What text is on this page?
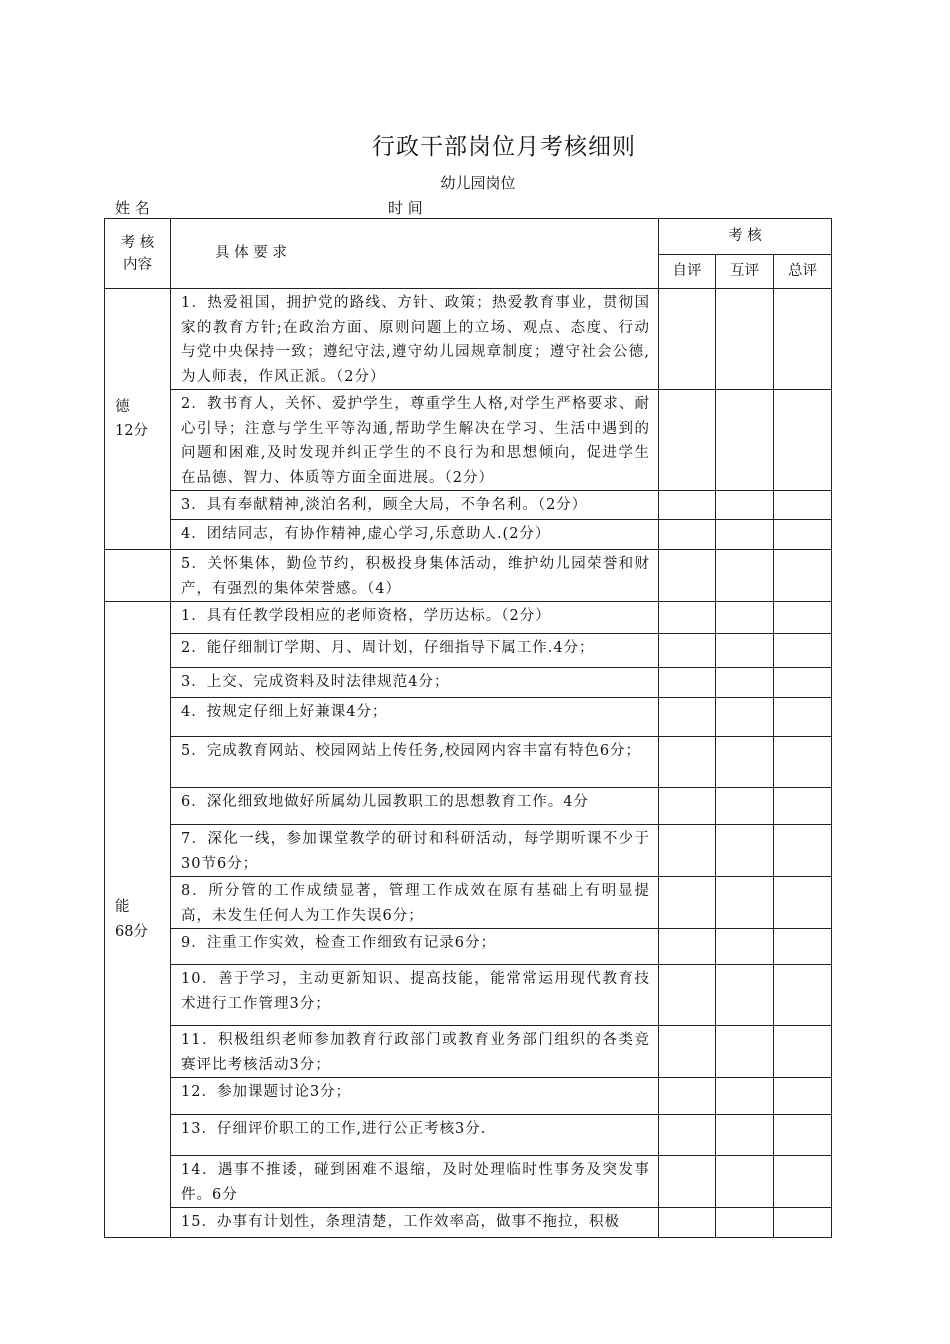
行政干部岗位月考核细则
幼儿园岗位
姓 名	时 间
考 核
内容	具 体 要 求	考 核		
		自评	互评	总评

德
12分	1．热爱祖国，拥护党的路线、方针、政策；热爱教育事业，贯彻国家的教育方针;在政治方面、原则问题上的立场、观点、态度、行动与党中央保持一致；遵纪守法,遵守幼儿园规章制度；遵守社会公德,为人师表，作风正派。（2分）			
	2．教书育人，关怀、爱护学生，尊重学生人格,对学生严格要求、耐心引导；注意与学生平等沟通,帮助学生解决在学习、生活中遇到的问题和困难,及时发现并纠正学生的不良行为和思想倾向，促进学生在品德、智力、体质等方面全面进展。（2分）			
	3．具有奉献精神,淡泊名利，顾全大局，不争名利。（2分）			
	4．团结同志，有协作精神,虚心学习,乐意助人.(2分）			

	5．关怀集体，勤俭节约，积极投身集体活动，维护幼儿园荣誉和财产，有强烈的集体荣誉感。（4）			

能
68分	1．具有任教学段相应的老师资格，学历达标。（2分）			
	2．能仔细制订学期、月、周计划，仔细指导下属工作.4分；			
	3．上交、完成资料及时法律规范4分；			
	4．按规定仔细上好兼课4分；			
	5．完成教育网站、校园网站上传任务,校园网内容丰富有特色6分；			
	6．深化细致地做好所属幼儿园教职工的思想教育工作。4分			
	7．深化一线，参加课堂教学的研讨和科研活动，每学期听课不少于30节6分；			
	8．所分管的工作成绩显著，管理工作成效在原有基础上有明显提高，未发生任何人为工作失误6分；			
	9．注重工作实效，检查工作细致有记录6分；			
	10．善于学习，主动更新知识、提高技能，能常常运用现代教育技术进行工作管理3分；			
	11．积极组织老师参加教育行政部门或教育业务部门组织的各类竞赛评比考核活动3分；			
	12．参加课题讨论3分；			
	13．仔细评价职工的工作,进行公正考核3分.			
	14．遇事不推诿，碰到困难不退缩，及时处理临时性事务及突发事件。6分			
	15．办事有计划性，条理清楚，工作效率高，做事不拖拉，积极			
